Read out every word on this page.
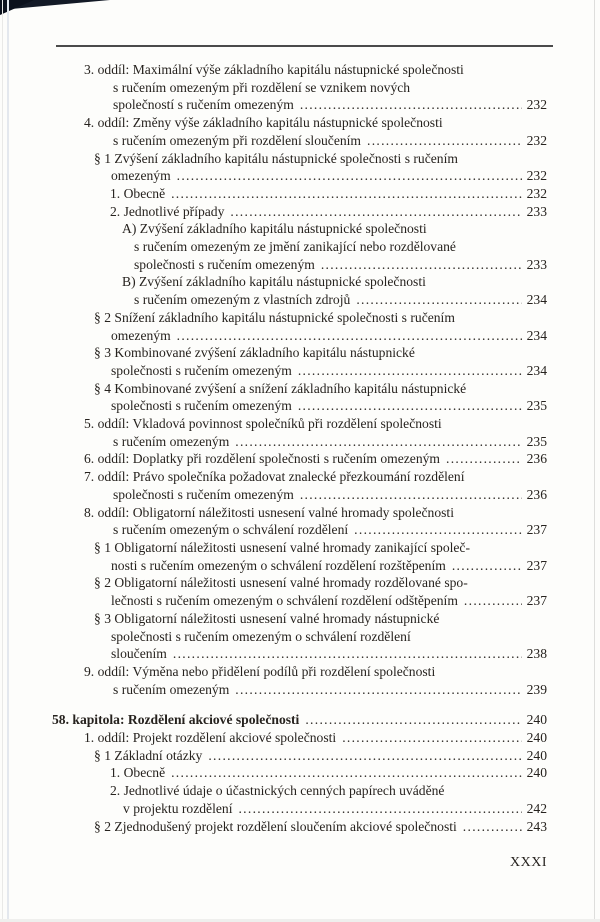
3. oddíl: Maximální výše základního kapitálu nástupnické společnosti
s ručením omezeným při rozdělení se vznikem nových
společností s ručením omezeným .....	232
4. oddíl: Změny výše základního kapitálu nástupnické společnosti
s ručením omezeným při rozdělení sloučením .....	232
§ 1 Zvýšení základního kapitálu nástupnické společnosti s ručením
omezeným .....	232
1. Obecně .....	232
2. Jednotlivé případy .....	233
A) Zvýšení základního kapitálu nástupnické společnosti
s ručením omezeným ze jmění zanikající nebo rozdělované
společnosti s ručením omezeným .....	233
B) Zvýšení základního kapitálu nástupnické společnosti
s ručením omezeným z vlastních zdrojů .....	234
§ 2 Snížení základního kapitálu nástupnické společnosti s ručením
omezeným .....	234
§ 3 Kombinované zvýšení základního kapitálu nástupnické
společnosti s ručením omezeným .....	234
§ 4 Kombinované zvýšení a snížení základního kapitálu nástupnické
společnosti s ručením omezeným .....	235
5. oddíl: Vkladová povinnost společníků při rozdělení společnosti
s ručením omezeným .....	235
6. oddíl: Doplatky při rozdělení společnosti s ručením omezeným .....	236
7. oddíl: Právo společníka požadovat znalecké přezkoumání rozdělení
společnosti s ručením omezeným .....	236
8. oddíl: Obligatorní náležitosti usnesení valné hromady společnosti
s ručením omezeným o schválení rozdělení .....	237
§ 1 Obligatorní náležitosti usnesení valné hromady zanikající společ-
nosti s ručením omezeným o schválení rozdělení rozštěpením .....	237
§ 2 Obligatorní náležitosti usnesení valné hromady rozdělované spo-
lečnosti s ručením omezeným o schválení rozdělení odštěpením .....	237
§ 3 Obligatorní náležitosti usnesení valné hromady nástupnické
společnosti s ručením omezeným o schválení rozdělení
sloučením .....	238
9. oddíl: Výměna nebo přidělení podílů při rozdělení společnosti
s ručením omezeným .....	239
58. kapitola: Rozdělení akciové společnosti .....	240
1. oddíl: Projekt rozdělení akciové společnosti .....	240
§ 1 Základní otázky .....	240
1. Obecně .....	240
2. Jednotlivé údaje o účastnických cenných papírech uváděné
v projektu rozdělení .....	242
§ 2 Zjednodušený projekt rozdělení sloučením akciové společnosti .....	243
XXXI
